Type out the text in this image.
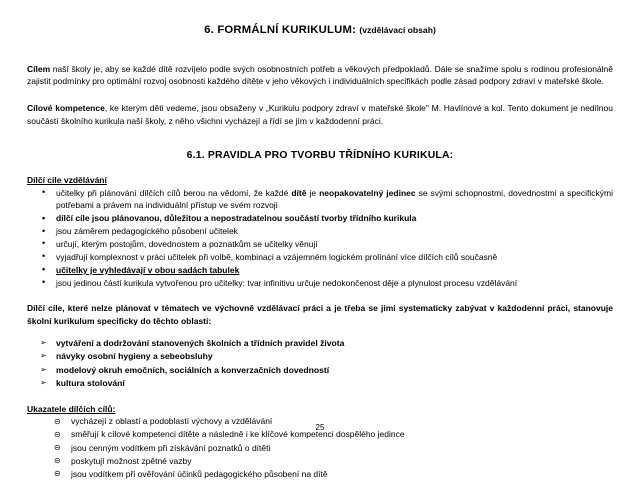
6. FORMÁLNÍ KURIKULUM: (vzdělávací obsah)

Cílem naší školy je, aby se každé dítě rozvíjelo podle svých osobnostních potřeb a věkových předpokladů. Dále se snažíme spolu s rodinou profesionálně zajistit podmínky pro optimální rozvoj osobnosti každého dítěte v jeho věkových i individuálních specifikách podle zásad podpory zdraví v mateřské škole.

Cílové kompetence, ke kterým děti vedeme, jsou obsaženy v „Kurikulu podpory zdraví v mateřské škole" M. Havlínové a kol. Tento dokument je nedílnou součástí školního kurikula naší školy, z něho všichni vycházejí a řídí se jím v každodenní práci.

6.1. PRAVIDLA PRO TVORBU TŘÍDNÍHO KURIKULA:
Dílčí cíle vzdělávání
• učitelky při plánování dílčích cílů berou na vědomí, že každé dítě je neopakovatelný jedinec se svými schopnostmi, dovednostmi a specifickými potřebami a právem na individuální přístup ve svém rozvoji
• dílčí cíle jsou plánovanou, důležitou a nepostradatelnou součástí tvorby třídního kurikula
• jsou záměrem pedagogického působení učitelek
• určují, kterým postojům, dovednostem a poznatkům se učitelky věnují
• vyjadřují komplexnost v práci učitelek při volbě, kombinaci a vzájemném logickém prolínání více dílčích cílů současně
• učitelky je vyhledávají v obou sadách tabulek
• jsou jedinou částí kurikula vytvořenou pro učitelky: tvar infinitivu určuje nedokončenost děje a plynulost procesu vzdělávání

Dílčí cíle, které nelze plánovat v tématech ve výchovně vzdělávací práci a je třeba se jimi systematicky zabývat v každodenní práci, stanovuje školní kurikulum specificky do těchto oblastí:

➢ vytváření a dodržování stanovených školních a třídních pravidel života
➢ návyky osobní hygieny a sebeobsluhy
➢ modelový okruh emočních, sociálních a konverzačních dovedností
➢ kultura stolování
Ukazatele dílčích cílů:
⊝ vycházejí z oblastí a podoblastí výchovy a vzdělávání
⊝ směřují k cílové kompetenci dítěte a následně i ke klíčové kompetenci dospělého jedince
⊝ jsou cenným vodítkem při získávání poznatků o dítěti
⊝ poskytují možnost zpětné vazby
⊝ jsou vodítkem při ověřování účinků pedagogického působení na dítě
25
